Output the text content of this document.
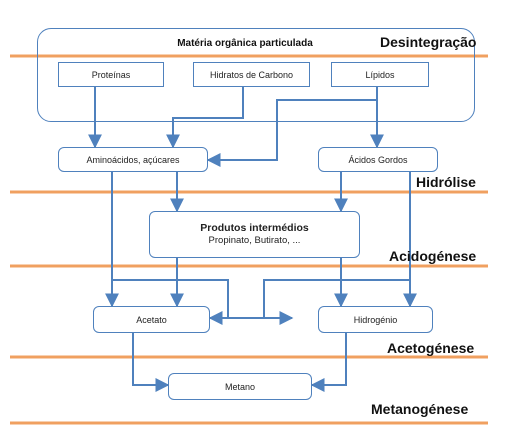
Matéria orgânica particulada
Proteínas	Hidratos de Carbono	Lípidos
Aminoácidos, açúcares	Ácidos Gordos
Produtos intermédios
Propinato, Butirato, ...
Acetato	Hidrogénio
Metano
Desintegração
Hidrólise
Acidogénese
Acetogénese
Metanogénese
